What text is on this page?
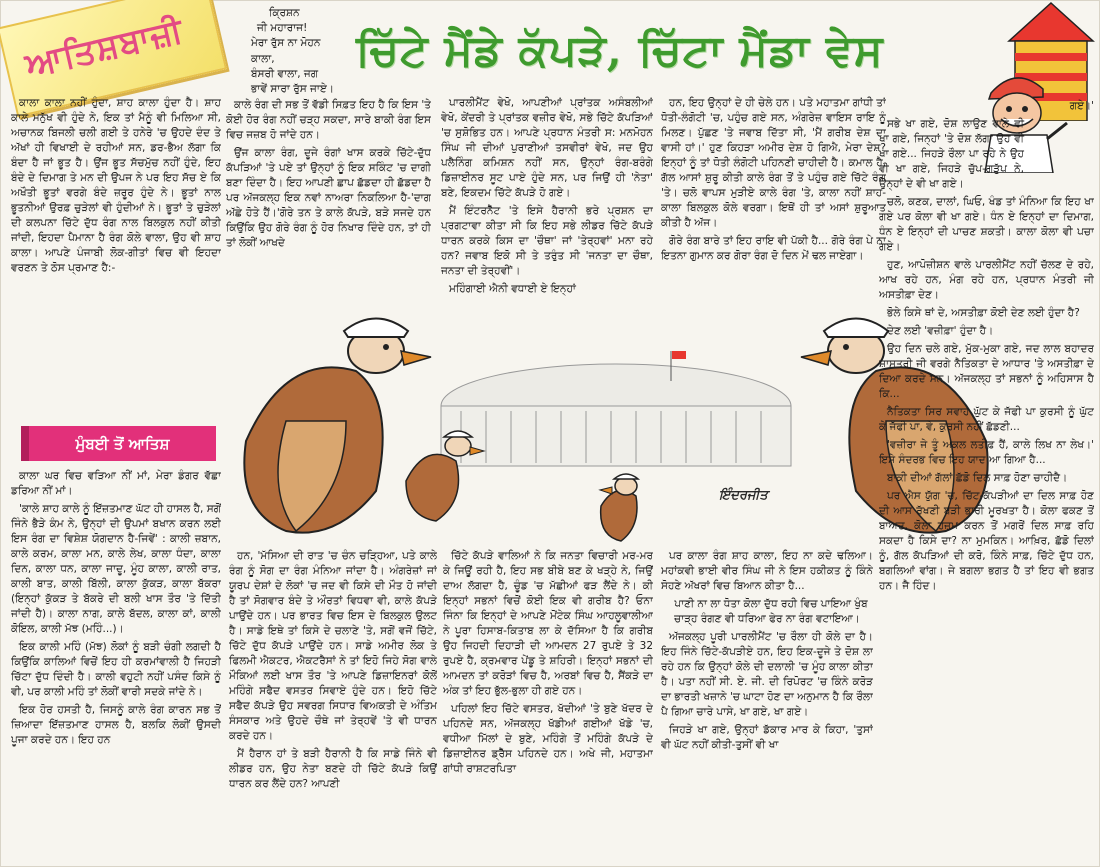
ਆਤਿਸ਼ਬਾਜ਼ੀ	ਕ੍ਰਿਸ਼ਨ
ਜੀ ਮਹਾਰਾਜ!
ਮੇਰਾ ਰੁੱਸ ਨਾ ਮੋਹਨ
ਕਾਲਾ,
ਬੰਸਰੀ ਵਾਲਾ, ਜਗ
ਭਾਵੇਂ ਸਾਰਾ ਰੁੱਸ ਜਾਏ।
ਚਿੱਟੇ ਮੈਂਡੇ ਕੱਪੜੇ, ਚਿੱਟਾ ਮੈਂਡਾ ਵੇਸ

ਕਾਲਾ ਕਾਲਾ ਨਹੀਂ ਹੁੰਦਾ, ਸ਼ਾਹ ਕਾਲਾ ਹੁੰਦਾ ਹੈ। ਸ਼ਾਹ ਕਾਲੇ ਮਨੁੱਖ ਵੀ ਹੁੰਦੇ ਨੇ, ਇਕ ਤਾਂ ਮੈਨੂੰ ਵੀ ਮਿਲਿਆ ਸੀ, ਅਚਾਨਕ ਬਿਜਲੀ ਚਲੀ ਗਈ ਤੇ ਹਨੇਰੇ 'ਚ ਉਹਦੇ ਦੰਦ ਤੇ ਅੱਖਾਂ ਹੀ ਵਿਖਾਈ ਦੇ ਰਹੀਆਂ ਸਨ, ਡਰ-ਭੈਅ ਲੱਗਾ ਕਿ ਬੰਦਾ ਹੈ ਜਾਂ ਭੂਤ ਹੈ। ਉਂਜ ਭੂਤ ਸੱਚਮੁੱਚ ਨਹੀਂ ਹੁੰਦੇ, ਇਹ ਬੰਦੇ ਦੇ ਦਿਮਾਗ ਤੇ ਮਨ ਦੀ ਉਪਜ ਨੇ ਪਰ ਇਹ ਸੱਚ ਏ ਕਿ ਅਖੌਤੀ ਭੂਤਾਂ ਵਰਗੇ ਬੰਦੇ ਜ਼ਰੂਰ ਹੁੰਦੇ ਨੇ। ਭੂਤਾਂ ਨਾਲ ਭੂਤਨੀਆਂ ਉਰਫ਼ ਚੁੜੇਲਾਂ ਵੀ ਹੁੰਦੀਆਂ ਨੇ। ਭੂਤਾਂ ਤੇ ਚੁੜੇਲਾਂ ਦੀ ਕਲਪਨਾ ਚਿੱਟੇ ਦੁੱਧ ਰੰਗ ਨਾਲ ਬਿਲਕੁਲ ਨਹੀਂ ਕੀਤੀ ਜਾਂਦੀ, ਇਹਦਾ ਪੈਮਾਨਾ ਹੈ ਰੰਗ ਕੋਲੇ ਵਾਲਾ, ਉਹ ਵੀ ਸ਼ਾਹ ਕਾਲਾ। ਆਪਣੇ ਪੰਜਾਬੀ ਲੋਕ-ਗੀਤਾਂ ਵਿਚ ਵੀ ਇਹਦਾ ਵਰਣਨ ਤੇ ਠੋਸ ਪ੍ਰਮਾਣ ਹੈ:-

ਮੁੰਬਈ ਤੋਂ ਆਤਿਸ਼

ਕਾਲਾ ਘਰ ਵਿਚ ਵੜਿਆ ਨੀਂ ਮਾਂ, ਮੇਰਾ ਡੰਗਰ ਵੱਛਾ ਡਰਿਆ ਨੀਂ ਮਾਂ।

'ਕਾਲੇ ਸ਼ਾਹ ਕਾਲੇ ਨੂੰ ਇੱਜ਼ਤਮਾਣ ਘੱਟ ਹੀ ਹਾਸਲ ਹੈ, ਸਗੋਂ ਜਿੰਨੇ ਭੈੜੇ ਕੰਮ ਨੇ, ਉਨ੍ਹਾਂ ਦੀ ਉਪਮਾਂ ਬਖਾਨ ਕਰਨ ਲਈ ਇਸ ਰੰਗ ਦਾ ਵਿਸ਼ੇਸ਼ ਯੋਗਦਾਨ ਹੈ-ਜਿਵੇਂ' : ਕਾਲੀ ਜ਼ਬਾਨ, ਕਾਲੇ ਕਰਮ, ਕਾਲਾ ਮਨ, ਕਾਲੇ ਲੇਖ, ਕਾਲਾ ਧੰਦਾ, ਕਾਲਾ ਦਿਨ, ਕਾਲਾ ਧਨ, ਕਾਲਾ ਜਾਦੂ, ਮੂੰਹ ਕਾਲਾ, ਕਾਲੀ ਰਾਤ, ਕਾਲੀ ਬਾਤ, ਕਾਲੀ ਬਿੱਲੀ, ਕਾਲਾ ਕੁੱਕੜ, ਕਾਲਾ ਬੱਕਰਾ (ਇਨ੍ਹਾਂ ਕੁੱਕੜ ਤੇ ਬੱਕਰੇ ਦੀ ਬਲੀ ਖਾਸ ਤੌਰ 'ਤੇ ਦਿੱਤੀ ਜਾਂਦੀ ਹੈ)। ਕਾਲਾ ਨਾਗ, ਕਾਲੇ ਬੱਦਲ, ਕਾਲਾ ਕਾਂ, ਕਾਲੀ ਕੋਇਲ, ਕਾਲੀ ਮੱਝ (ਮਹਿੰ...)।

ਇਕ ਕਾਲੀ ਮਹਿੰ (ਮੱਝ) ਲੋਕਾਂ ਨੂੰ ਬੜੀ ਚੰਗੀ ਲਗਦੀ ਹੈ ਕਿਉਂਕਿ ਕਾਲਿਆਂ ਵਿਚੋਂ ਇਹ ਹੀ ਕਰਮਾਂਵਾਲੀ ਹੈ ਜਿਹੜੀ ਚਿੱਟਾ ਦੁੱਧ ਦਿੰਦੀ ਹੈ। ਕਾਲੀ ਵਹੁਟੀ ਨਹੀਂ ਪਸੰਦ ਕਿਸੇ ਨੂੰ ਵੀ, ਪਰ ਕਾਲੀ ਮਹਿੰ ਤਾਂ ਲੋਕੀਂ ਵਾਰੀ ਸਦਕੇ ਜਾਂਦੇ ਨੇ।

ਇਕ ਹੋਰ ਹਸਤੀ ਹੈ, ਜਿਸਨੂੰ ਕਾਲੇ ਰੰਗ ਕਾਰਨ ਸਭ ਤੋਂ ਜ਼ਿਆਦਾ ਇੱਜ਼ਤਮਾਣ ਹਾਸਲ ਹੈ, ਬਲਕਿ ਲੋਕੀਂ ਉਸਦੀ ਪੂਜਾ ਕਰਦੇ ਹਨ। ਇਹ ਹਨ

ਕਾਲੇ ਰੰਗ ਦੀ ਸਭ ਤੋਂ ਵੱਡੀ ਸਿਫ਼ਤ ਇਹ ਹੈ ਕਿ ਇਸ 'ਤੇ ਕੋਈ ਹੋਰ ਰੰਗ ਨਹੀਂ ਚੜ੍ਹ ਸਕਦਾ, ਸਾਰੇ ਬਾਕੀ ਰੰਗ ਇਸ ਵਿਚ ਜਜ਼ਬ ਹੋ ਜਾਂਦੇ ਹਨ।

ਉਂਜ ਕਾਲਾ ਰੰਗ, ਦੂਜੇ ਰੰਗਾਂ ਖਾਸ ਕਰਕੇ ਚਿੱਟੇ-ਦੁੱਧ ਕੱਪੜਿਆਂ 'ਤੇ ਪਏ ਤਾਂ ਉਨ੍ਹਾਂ ਨੂੰ ਇਕ ਸਕਿੰਟ 'ਚ ਦਾਗੀ ਬਣਾ ਦਿੰਦਾ ਹੈ। ਇਹ ਆਪਣੀ ਛਾਪ ਛੱਡਦਾ ਹੀ ਛੱਡਦਾ ਹੈ ਪਰ ਅੱਜਕਲ੍ਹ ਇਕ ਨਵਾਂ ਨਾਅਰਾ ਨਿਕਲਿਆ ਹੈ-'ਦਾਗ ਅੱਛੇ ਹੋਤੇ ਹੈਂ।'ਗੋਰੇ ਤਨ ਤੇ ਕਾਲੇ ਕੱਪੜੇ, ਬੜੇ ਸਜਦੇ ਹਨ ਕਿਉਂਕਿ ਉਹ ਗੋਰੇ ਰੰਗ ਨੂੰ ਹੋਰ ਨਿਖਾਰ ਦਿੰਦੇ ਹਨ, ਤਾਂ ਹੀ ਤਾਂ ਲੋਕੀਂ ਆਖਦੇ

ਪਾਰਲੀਮੈਂਟ ਵੇਖੋ, ਆਪਣੀਆਂ ਪ੍ਰਾਂਤਕ ਅਸੰਬਲੀਆਂ ਵੇਖੋ, ਕੇਂਦਰੀ ਤੇ ਪ੍ਰਾਂਤਕ ਵਜ਼ੀਰ ਵੇਖੋ, ਸਭੇ ਚਿੱਟੇ ਕੱਪੜਿਆਂ 'ਚ ਸੁਸ਼ੋਭਿਤ ਹਨ। ਆਪਣੇ ਪ੍ਰਧਾਨ ਮੰਤਰੀ ਸ: ਮਨਮੋਹਨ ਸਿੰਘ ਜੀ ਦੀਆਂ ਪੁਰਾਣੀਆਂ ਤਸਵੀਰਾਂ ਵੇਖੋ, ਜਦ ਉਹ ਪਲੈਨਿੰਗ ਕਮਿਸ਼ਨ ਨਹੀਂ ਸਨ, ਉਨ੍ਹਾਂ ਰੰਗ-ਬਰੰਗੇ ਡਿਜ਼ਾਈਨਰ ਸੂਟ ਪਾਏ ਹੁੰਦੇ ਸਨ, ਪਰ ਜਿਉਂ ਹੀ 'ਨੇਤਾ' ਬਣੇ, ਇਕਦਮ ਚਿੱਟੇ ਕੱਪੜੇ ਹੋ ਗਏ।

ਮੈਂ ਇੰਟਰਨੈੱਟ 'ਤੇ ਇਸੇ ਹੈਰਾਨੀ ਭਰੇ ਪ੍ਰਸ਼ਨ ਦਾ ਪ੍ਰਗਟਾਵਾ ਕੀਤਾ ਸੀ ਕਿ ਇਹ ਸਭੇ ਲੀਡਰ ਚਿੱਟੇ ਕੱਪੜੇ ਧਾਰਨ ਕਰਕੇ ਕਿਸ ਦਾ 'ਚੌਥਾ' ਜਾਂ 'ਤੇਰ੍ਹਵਾਂ' ਮਨਾ ਰਹੇ ਹਨ? ਜਵਾਬ ਇਕੋ ਸੀ ਤੇ ਤਰੁੰਤ ਸੀ 'ਜਨਤਾ ਦਾ ਚੌਥਾ, ਜਨਤਾ ਦੀ ਤੇਰ੍ਹਵੀਂ'।

ਮਹਿੰਗਾਈ ਐਨੀ ਵਧਾਈ ਏ ਇਨ੍ਹਾਂ

ਹਨ, ਇਹ ਉਨ੍ਹਾਂ ਦੇ ਹੀ ਚੇਲੇ ਹਨ। ਪਤੇ ਮਹਾਤਮਾ ਗਾਂਧੀ ਤਾਂ ਧੋਤੀ-ਲੰਗੋਟੀ 'ਚ, ਪਹੁੰਚ ਗਏ ਸਨ, ਅੰਗਰੇਜ਼ ਵਾਇਸ ਰਾਇ ਨੂੰ ਮਿਲਣ। ਪੁੱਛਣ 'ਤੇ ਜਵਾਬ ਦਿੱਤਾ ਸੀ, 'ਮੈਂ ਗਰੀਬ ਦੇਸ਼ ਦਾ ਵਾਸੀ ਹਾਂ।' ਹੁਣ ਕਿਹੜਾ ਅਮੀਰ ਦੇਸ਼ ਹੋ ਗਿਐ, ਮੇਰਾ ਦੇਸ਼? ਇਨ੍ਹਾਂ ਨੂੰ ਤਾਂ ਧੋਤੀ ਲੰਗੋਟੀ ਪਹਿਨਣੀ ਚਾਹੀਦੀ ਹੈ। ਕਮਾਲ ਹੈ, ਗੱਲ ਆਸਾਂ ਸ਼ੁਰੂ ਕੀਤੀ ਕਾਲੇ ਰੰਗ ਤੋਂ ਤੇ ਪਹੁੰਚ ਗਏ ਚਿੱਟੇ ਰੰਗ 'ਤੇ। ਚਲੋ ਵਾਪਸ ਮੁੜੀਏ ਕਾਲੇ ਰੰਗ 'ਤੇ, ਕਾਲਾ ਨਹੀਂ ਸ਼ਾਹ-ਕਾਲਾ ਬਿਲਕੁਲ ਕੋਲੇ ਵਰਗਾ। ਇਥੋਂ ਹੀ ਤਾਂ ਅਸਾਂ ਸ਼ੁਰੂਆਤ ਕੀਤੀ ਹੈ ਅੱਜ।

ਗੋਰੇ ਰੰਗ ਬਾਰੇ ਤਾਂ ਇਹ ਰਾਇ ਵੀ ਪੱਕੀ ਹੈ... ਗੋਰੇ ਰੰਗ ਪੇ ਨਾ ਇਤਨਾ ਗੁਮਾਨ ਕਰ ਗੋਰਾ ਰੰਗ ਦੋ ਦਿਨ ਮੇਂ ਢਲ ਜਾਏਗਾ।

ਇੰਦਰਜੀਤ

ਗਏ।'

ਸਭੇ ਖਾ ਗਏ, ਦੋਸ਼ ਲਾਉਣ ਵਾਲੇ ਵੀ ਖਾ ਗਏ, ਜਿਨ੍ਹਾਂ 'ਤੇ ਦੋਸ਼ ਲੱਗਾ ਉਹ ਵੀ ਖਾ ਗਏ... ਜਿਹੜੇ ਰੌਲਾ ਪਾ ਰਹੇ ਨੇ ਉਹ ਵੀ ਖਾ ਗਏ, ਜਿਹੜੇ ਚੁੱਪ-ਗੜੁੱਪ ਨੇ, ਉਨ੍ਹਾਂ ਦੇ ਵੀ ਖਾ ਗਏ।

ਚਲੋ, ਕਣਕ, ਦਾਲਾਂ, ਘਿਓ, ਖੰਡ ਤਾਂ ਮੰਨਿਆ ਕਿ ਇਹ ਖਾ ਗਏ ਪਰ ਕੋਲਾ ਵੀ ਖਾ ਗਏ। ਧੰਨ ਏ ਇਨ੍ਹਾਂ ਦਾ ਦਿਮਾਗ, ਧੰਨ ਏ ਇਨ੍ਹਾਂ ਦੀ ਪਾਚਣ ਸ਼ਕਤੀ। ਕਾਲਾ ਕੋਲਾ ਵੀ ਪਚਾ ਗਏ।

ਹੁਣ, ਆਪੋਜ਼ੀਸ਼ਨ ਵਾਲੇ ਪਾਰਲੀਮੈਂਟ ਨਹੀਂ ਚੱਲਣ ਦੇ ਰਹੇ, ਆਖ ਰਹੇ ਹਨ, ਮੰਗ ਰਹੇ ਹਨ, ਪ੍ਰਧਾਨ ਮੰਤਰੀ ਜੀ ਅਸਤੀਫ਼ਾ ਦੇਣ।

ਭੋਲੇ ਕਿਸੇ ਥਾਂ ਦੇ, ਅਸਤੀਫ਼ਾ ਕੋਈ ਦੇਣ ਲਈ ਹੁੰਦਾ ਹੈ?

ਦੇਣ ਲਈ 'ਵਜ਼ੀਫ਼ਾ' ਹੁੰਦਾ ਹੈ।

ਉਹ ਦਿਨ ਚਲੇ ਗਏ, ਮੁੱਕ-ਮੁਕਾ ਗਏ, ਜਦ ਲਾਲ ਬਹਾਦਰ ਸ਼ਾਸਤਰੀ ਜੀ ਵਰਗੇ ਨੈਤਿਕਤਾ ਦੇ ਆਧਾਰ 'ਤੇ ਅਸਤੀਫ਼ਾ ਦੇ ਦਿਆ ਕਰਦੇ ਸਨ। ਅੱਜਕਲ੍ਹ ਤਾਂ ਸਭਨਾਂ ਨੂੰ ਅਹਿਸਾਸ ਹੈ ਕਿ...

ਨੈਤਿਕਤਾ ਸਿਰ ਸਵਾਹ ਘੁੱਟ ਕੇ ਜੱਫੀ ਪਾ ਕੁਰਸੀ ਨੂੰ ਘੁੱਟ ਕੇ ਜੱਫੀ ਪਾ, ਵੇ, ਕੁਰਸੀ ਨਹੀਂ ਛੱਡਣੀ...

'ਵਜ਼ੀਰਾ ਜੇ ਤੂੰ ਅਕਲ ਲਤੀਫ਼ ਹੈਂ, ਕਾਲੇ ਲਿਖ ਨਾ ਲੇਖ।' ਇਸੇ ਸੰਦਰਭ ਵਿਚ ਇਹ ਯਾਦ ਆ ਗਿਆ ਹੈ...

ਬਾਕੀ ਦੀਆਂ ਗੱਲਾਂ ਛੱਡੋ ਦਿਲ ਸਾਫ਼ ਹੋਣਾ ਚਾਹੀਦੈ।

ਪਰ ਐਸ ਯੁੱਗ 'ਚ, ਚਿੱਟ-ਕੱਪੜੀਆਂ ਦਾ ਦਿਲ ਸਾਫ਼ ਹੋਣ ਦੀ ਆਸ ਰੱਖਣੀ ਬੜੀ ਭਾਰੀ ਮੂਰਖਤਾ ਹੈ। ਕੋਲਾ ਫਕਣ ਤੋਂ ਬਾਅਦ, ਕੋਲਾ ਹਜ਼ਮ ਕਰਨ ਤੋਂ ਮਗਰੋਂ ਦਿਲ ਸਾਫ਼ ਰਹਿ ਸਕਦਾ ਹੈ ਕਿਸੇ ਦਾ? ਨਾ ਮੁਮਕਿਨ। ਆਖ਼ਿਰ, ਛੱਡੋ ਦਿਲਾਂ ਨੂੰ, ਗੱਲ ਕੱਪੜਿਆਂ ਦੀ ਕਰੋ, ਕਿੰਨੇ ਸਾਫ਼, ਚਿੱਟੇ ਦੁੱਧ ਹਨ, ਬਗਲਿਆਂ ਵਾਂਗ। ਜੇ ਬਗਲਾ ਭਗਤ ਹੈ ਤਾਂ ਇਹ ਵੀ ਭਗਤ ਹਨ। ਜੈ ਹਿੰਦ।

ਹਨ, 'ਮੱਸਿਆ ਦੀ ਰਾਤ 'ਚ ਚੰਨ ਚੜ੍ਹਿਆ, ਪਤੇ ਕਾਲੇ ਰੰਗ ਨੂੰ ਸੋਗ ਦਾ ਰੰਗ ਮੰਨਿਆ ਜਾਂਦਾ ਹੈ। ਅੰਗਰੇਜ਼ਾਂ ਜਾਂ ਯੂਰਪ ਦੇਸ਼ਾਂ ਦੇ ਲੋਕਾਂ 'ਚ ਜਦ ਵੀ ਕਿਸੇ ਦੀ ਮੌਤ ਹੋ ਜਾਂਦੀ ਹੈ ਤਾਂ ਸੋਗਵਾਰ ਬੰਦੇ ਤੇ ਔਰਤਾਂ ਵਿਧਵਾ ਵੀ, ਕਾਲੇ ਕੱਪੜੇ ਪਾਉਂਦੇ ਹਨ। ਪਰ ਭਾਰਤ ਵਿਚ ਇਸ ਦੇ ਬਿਲਕੁਲ ਉਲਟ ਹੈ। ਸਾਡੇ ਇਥੇ ਤਾਂ ਕਿਸੇ ਦੇ ਚਲਾਣੇ 'ਤੇ, ਸਗੋਂ ਵਜੋਂ ਚਿੱਟੇ, ਚਿੱਟੇ ਦੁੱਧ ਕੱਪੜੇ ਪਾਉਂਦੇ ਹਨ। ਸਾਡੇ ਅਮੀਰ ਲੋਕ ਤੇ ਫਿਲਮੀ ਐਕਟਰ, ਐਕਟਰੈਸਾਂ ਨੇ ਤਾਂ ਇਹੋ ਜਿਹੇ ਸੋਗ ਵਾਲੇ ਮੌਕਿਆਂ ਲਈ ਖਾਸ ਤੌਰ 'ਤੇ ਆਪਣੇ ਡਿਜ਼ਾਇਨਰਾਂ ਕੋਲੋਂ ਮਹਿੰਗੇ ਸਫੈਦ ਵਸਤਰ ਸਿਵਾਏ ਹੁੰਦੇ ਹਨ। ਇਹੋ ਚਿੱਟੇ ਸਫੈਦ ਕੱਪੜੇ ਉਹ ਸਵਰਗ ਸਿਧਾਰ ਵਿਅਕਤੀ ਦੇ ਅੰਤਿਮ ਸੰਸਕਾਰ ਅਤੇ ਉਹਦੇ ਚੌਥੇ ਜਾਂ ਤੇਰ੍ਹਵੇਂ 'ਤੇ ਵੀ ਧਾਰਨ ਕਰਦੇ ਹਨ।

ਮੈਂ ਹੈਰਾਨ ਹਾਂ ਤੇ ਬੜੀ ਹੈਰਾਨੀ ਹੈ ਕਿ ਸਾਡੇ ਜਿੰਨੇ ਵੀ ਲੀਡਰ ਹਨ, ਉਹ ਨੇਤਾ ਬਣਦੇ ਹੀ ਚਿੱਟੇ ਕੱਪੜੇ ਕਿਉਂ ਧਾਰਨ ਕਰ ਲੈਂਦੇ ਹਨ? ਆਪਣੀ

ਚਿੱਟੇ ਕੱਪੜੇ ਵਾਲਿਆਂ ਨੇ ਕਿ ਜਨਤਾ ਵਿਚਾਰੀ ਮਰ-ਮਰ ਕੇ ਜਿਊਂ ਰਹੀ ਹੈ, ਇਹ ਸਭ ਬੀਬੇ ਬਣ ਕੇ ਖੜ੍ਹੇ ਨੇ, ਜਿਉਂ ਦਾਅ ਲੱਗਦਾ ਹੈ, ਚੂੰਡ 'ਚ ਮੱਛੀਆਂ ਫੜ ਲੈਂਦੇ ਨੇ। ਕੀ ਇਨ੍ਹਾਂ ਸਭਨਾਂ ਵਿਚੋਂ ਕੋਈ ਇਕ ਵੀ ਗਰੀਬ ਹੈ? ਓਨਾ ਜਿੰਨਾ ਕਿ ਇਨ੍ਹਾਂ ਦੇ ਆਪਣੇ ਮੋਂਟੇਕ ਸਿੰਘ ਆਹਲੂਵਾਲੀਆ ਨੇ ਪੂਰਾ ਹਿਸਾਬ-ਕਿਤਾਬ ਲਾ ਕੇ ਦੱਸਿਆ ਹੈ ਕਿ ਗਰੀਬ ਉਹ ਜਿਹਦੀ ਦਿਹਾੜੀ ਦੀ ਆਮਦਨ 27 ਰੁਪਏ ਤੇ 32 ਰੁਪਏ ਹੈ, ਕ੍ਰਮਵਾਰ ਪੇਂਡੂ ਤੇ ਸ਼ਹਿਰੀ। ਇਨ੍ਹਾਂ ਸਭਨਾਂ ਦੀ ਆਮਦਨ ਤਾਂ ਕਰੋੜਾਂ ਵਿਚ ਹੈ, ਅਰਬਾਂ ਵਿਚ ਹੈ, ਸੈਂਕੜੇ ਦਾ ਅੰਕ ਤਾਂ ਇਹ ਭੁੱਲ-ਭੁਲਾ ਹੀ ਗਏ ਹਨ।

ਪਹਿਲਾਂ ਇਹ ਚਿੱਟੇ ਵਸਤਰ, ਖੱਦੀਆਂ 'ਤੇ ਬੁਣੇ ਖੱਦਰ ਦੇ ਪਹਿਨਦੇ ਸਨ, ਅੱਜਕਲ੍ਹ ਖੱਡੀਆਂ ਗਈਆਂ ਖੱਡੇ 'ਚ, ਵਧੀਆ ਮਿੱਲਾਂ ਦੇ ਬੁਣੇ, ਮਹਿੰਗੇ ਤੋਂ ਮਹਿੰਗੇ ਕੱਪੜੇ ਦੇ ਡਿਜ਼ਾਈਨਰ ਡ੍ਰੈੱਸ ਪਹਿਨਦੇ ਹਨ। ਅਖੇ ਜੀ, ਮਹਾਤਮਾ ਗਾਂਧੀ ਰਾਸ਼ਟਰਪਿਤਾ

ਪਰ ਕਾਲਾ ਰੰਗ ਸ਼ਾਹ ਕਾਲਾ, ਇਹ ਨਾ ਕਦੇ ਢਲਿਆ। ਮਹਾਂਕਵੀ ਭਾਈ ਵੀਰ ਸਿੰਘ ਜੀ ਨੇ ਇਸ ਹਕੀਕਤ ਨੂੰ ਕਿੰਨੇ ਸੋਹਣੇ ਅੱਖਰਾਂ ਵਿਚ ਬਿਆਨ ਕੀਤਾ ਹੈ...

ਪਾਣੀ ਨਾ ਲਾ ਧੋਤਾ ਕੋਲਾ ਦੁੱਧ ਰਹੀ ਵਿਚ ਪਾਇਆ ਖੁੰਬ ਚਾੜ੍ਹ ਰੰਗਣ ਵੀ ਧਰਿਆ ਫੇਰ ਨਾ ਰੰਗ ਵਟਾਇਆ।

ਅੱਜਕਲ੍ਹ ਪੂਰੀ ਪਾਰਲੀਮੈਂਟ 'ਚ ਰੌਲਾ ਹੀ ਕੋਲੇ ਦਾ ਹੈ। ਇਹ ਜਿੰਨੇ ਚਿੱਟੇ-ਕੱਪੜੀਏ ਹਨ, ਇਹ ਇਕ-ਦੂਜੇ ਤੇ ਦੋਸ਼ ਲਾ ਰਹੇ ਹਨ ਕਿ ਉਨ੍ਹਾਂ ਕੋਲੇ ਦੀ ਦਲਾਲੀ 'ਚ ਮੂੰਹ ਕਾਲਾ ਕੀਤਾ ਹੈ। ਪਤਾ ਨਹੀਂ ਸੀ. ਏ. ਜੀ. ਦੀ ਰਿਪੋਰਟ 'ਚ ਕਿੰਨੇ ਕਰੋੜ ਦਾ ਭਾਰਤੀ ਖਜ਼ਾਨੇ 'ਚ ਘਾਟਾ ਹੋਣ ਦਾ ਅਨੁਮਾਨ ਹੈ ਕਿ ਰੌਲਾ ਪੈ ਗਿਆ ਚਾਰੇ ਪਾਸੇ, ਖਾ ਗਏ, ਖਾ ਗਏ।

ਜਿਹੜੇ ਖਾ ਗਏ, ਉਨ੍ਹਾਂ ਡੱਕਾਰ ਮਾਰ ਕੇ ਕਿਹਾ, 'ਤੁਸਾਂ ਵੀ ਘੱਟ ਨਹੀਂ ਕੀਤੀ-ਤੁਸੀਂ ਵੀ ਖਾ
